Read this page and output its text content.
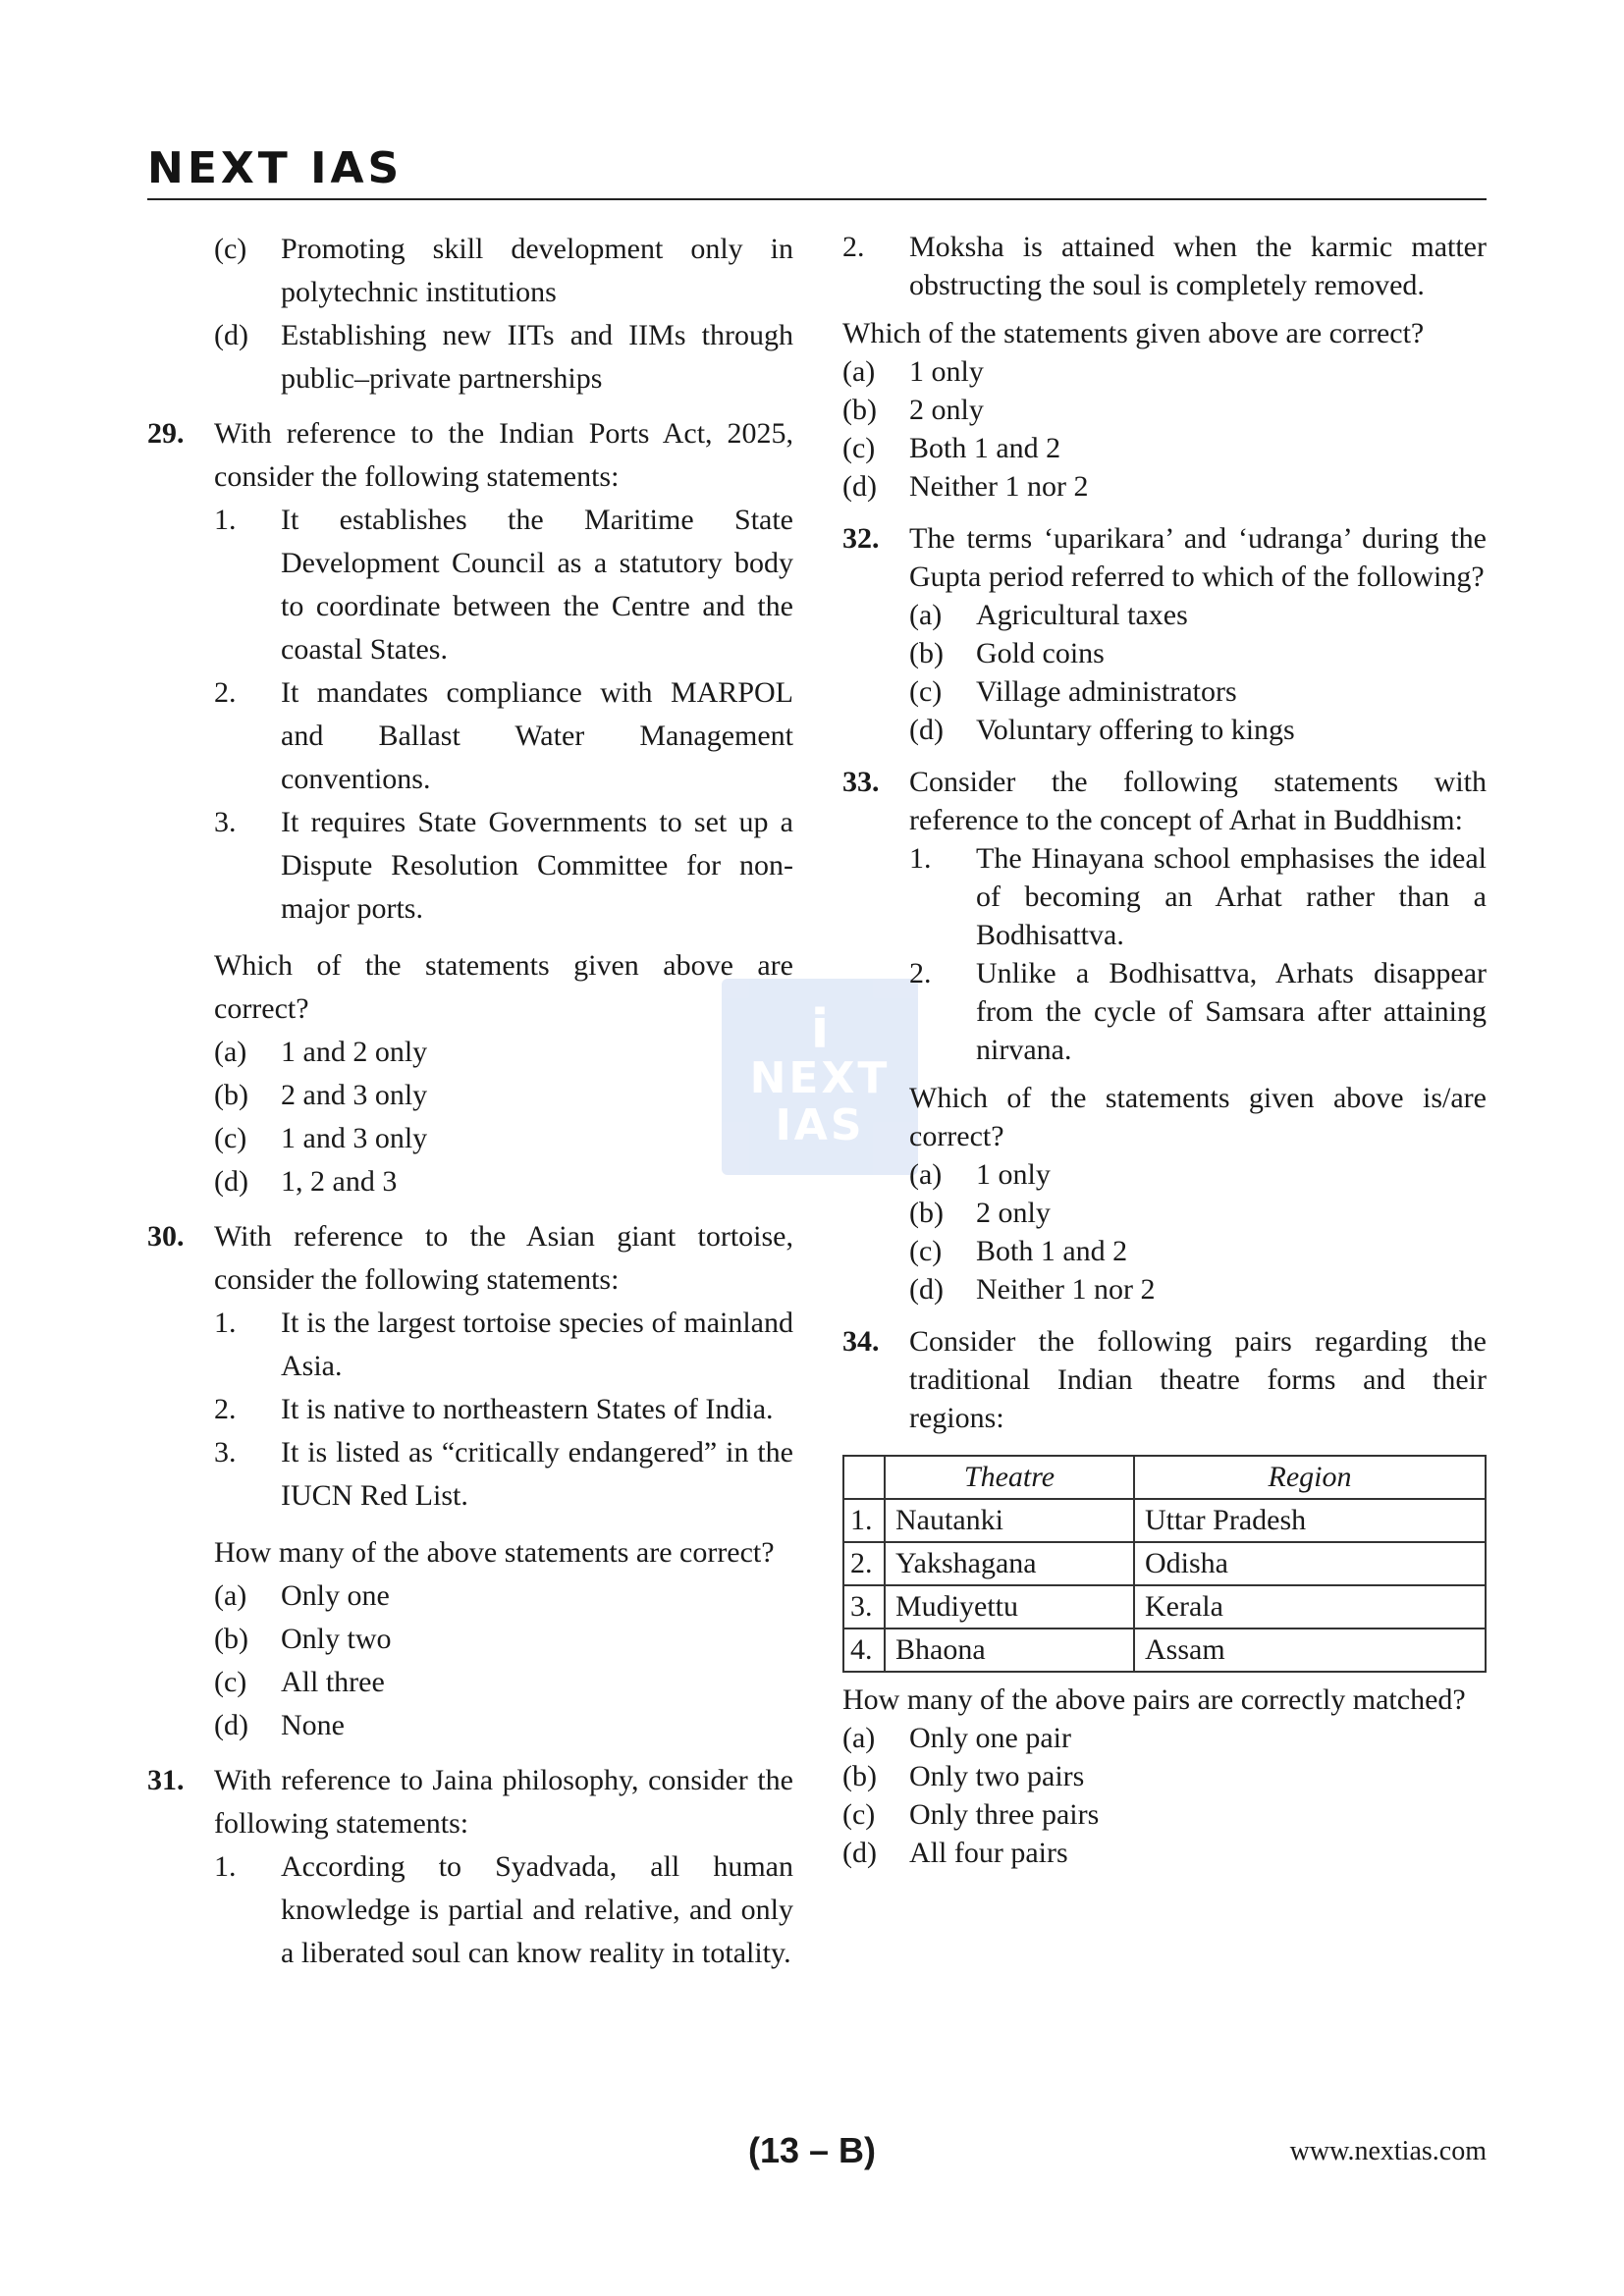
NEXT IAS
i
NEXT
IAS
(c)	Promoting skill development only in polytechnic institutions
(d)	Establishing new IITs and IIMs through public–private partnerships
29.	With reference to the Indian Ports Act, 2025, consider the following statements:
1.	It establishes the Maritime State Development Council as a statutory body to coordinate between the Centre and the coastal States.
2.	It mandates compliance with MARPOL and Ballast Water Management conventions.
3.	It requires State Governments to set up a Dispute Resolution Committee for non-major ports.
Which of the statements given above are correct?
(a)	1 and 2 only
(b)	2 and 3 only
(c)	1 and 3 only
(d)	1, 2 and 3
30.	With reference to the Asian giant tortoise, consider the following statements:
1.	It is the largest tortoise species of mainland Asia.
2.	It is native to northeastern States of India.
3.	It is listed as “critically endangered” in the IUCN Red List.
How many of the above statements are correct?
(a)	Only one
(b)	Only two
(c)	All three
(d)	None
31.	With reference to Jaina philosophy, consider the following statements:
1.	According to Syadvada, all human knowledge is partial and relative, and only a liberated soul can know reality in totality.
2.	Moksha is attained when the karmic matter obstructing the soul is completely removed.
Which of the statements given above are correct?
(a)	1 only
(b)	2 only
(c)	Both 1 and 2
(d)	Neither 1 nor 2
32.	The terms ‘uparikara’ and ‘udranga’ during the Gupta period referred to which of the following?
(a)	Agricultural taxes
(b)	Gold coins
(c)	Village administrators
(d)	Voluntary offering to kings
33.	Consider the following statements with reference to the concept of Arhat in Buddhism:
1.	The Hinayana school emphasises the ideal of becoming an Arhat rather than a Bodhisattva.
2.	Unlike a Bodhisattva, Arhats disappear from the cycle of Samsara after attaining nirvana.
Which of the statements given above is/are correct?
(a)	1 only
(b)	2 only
(c)	Both 1 and 2
(d)	Neither 1 nor 2
34.	Consider the following pairs regarding the traditional Indian theatre forms and their regions:
	Theatre	Region
1.	Nautanki	Uttar Pradesh
2.	Yakshagana	Odisha
3.	Mudiyettu	Kerala
4.	Bhaona	Assam
How many of the above pairs are correctly matched?
(a)	Only one pair
(b)	Only two pairs
(c)	Only three pairs
(d)	All four pairs
(13 – B)	www.nextias.com
